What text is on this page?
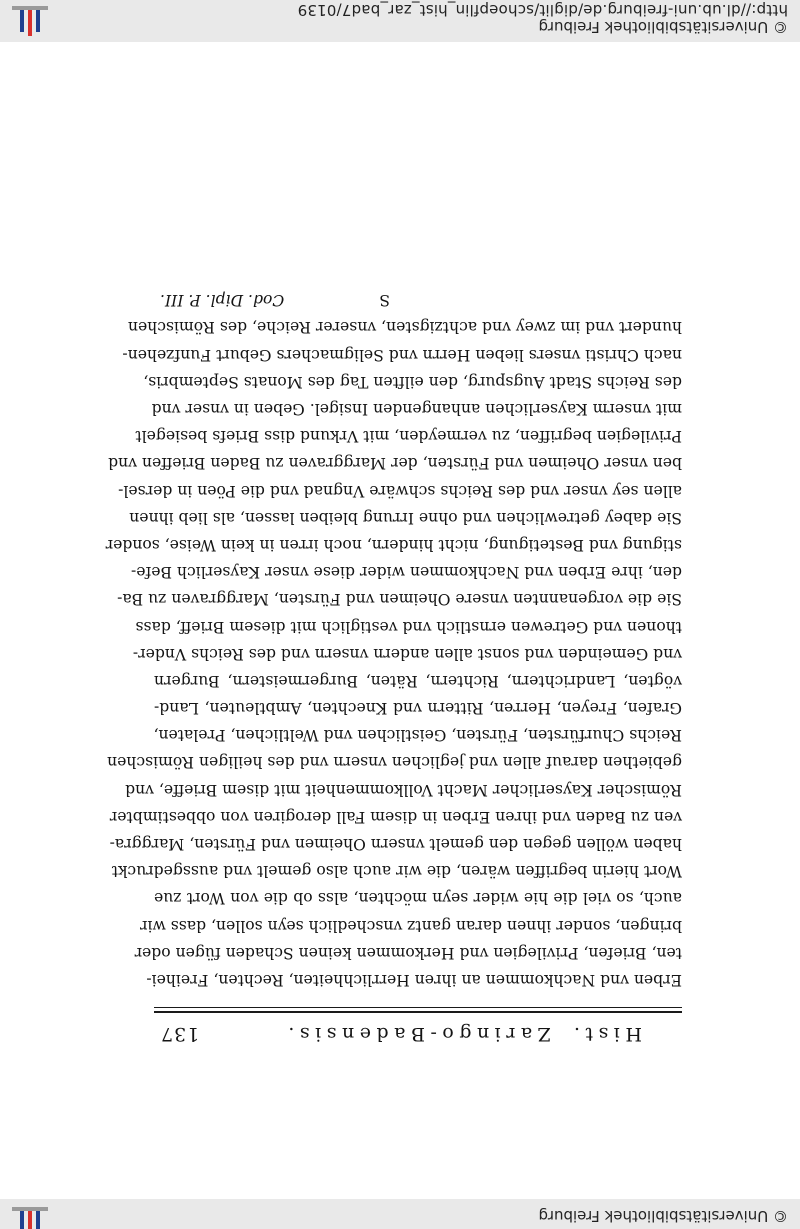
© Universitätsbibliothek Freiburg
Hist. Zaringo-Badensis.
137
Erben vnd Nachkommen an ihren Herrlichheiten, Rechten, Freihei-
ten, Briefen, Privilegien vnd Herkommen keinen Schaden fügen oder
bringen, sonder ihnen daran gantz vnschedlich seyn sollen, dass wir
auch, so viel die hie wider seyn möchten, alss ob die von Wort zue
Wort hierin begriffen wären, die wir auch also gemelt vnd aussgedruckt
haben wöllen gegen den gemelt vnsern Oheimen vnd Fürsten, Marggra-
ven zu Baden vnd ihren Erben in disem Fall derogiren von obbestimbter
Römischer Kayserlicher Macht Vollkommenheit mit disem Brieffe, vnd
gebiethen darauf allen vnd jeglichen vnsern vnd des heiligen Römischen
Reichs Churfürsten, Fürsten, Geistlichen vnd Weltlichen, Prelaten,
Grafen, Freyen, Herren, Rittern vnd Knechten, Ambtleuten, Land-
vögten, Landrichtern, Richtern, Räten, Burgermeistern, Burgern
vnd Gemeinden vnd sonst allen andern vnsern vnd des Reichs Vnder-
thonen vnd Getrewen ernstlich vnd vestiglich mit diesem Brieff, dass
Sie die vorgenannten vnsere Oheimen vnd Fürsten, Marggraven zu Ba-
den, ihre Erben vnd Nachkommen wider diese vnser Kayserlich Befe-
stigung vnd Bestetigung, nicht hindern, noch irren in kein Weise, sonder
Sie dabey getrewlichen vnd ohne Irrung bleiben lassen, als lieb ihnen
allen sey vnser vnd des Reichs schwäre Vngnad vnd die Pöen in dersel-
ben vnser Oheimen vnd Fürsten, der Marggraven zu Baden Brieffen vnd
Privilegien begriffen, zu vermeyden, mit Vrkund diss Briefs besiegelt
mit vnserm Kayserlichen anhangenden Insigel. Geben in vnser vnd
des Reichs Stadt Augspurg, den eilften Tag des Monats Septembris,
nach Christi vnsers lieben Herrn vnd Seligmachers Geburt Funfzehen-
hundert vnd im zwey vnd achtzigsten, vnserer Reiche, des Römischen
S
Cod. Dipl. P. III.
© Universitätsbibliothek Freiburg
http://dl.ub.uni-freiburg.de/diglit/schoepflin_hist_zar_bad7/0139
